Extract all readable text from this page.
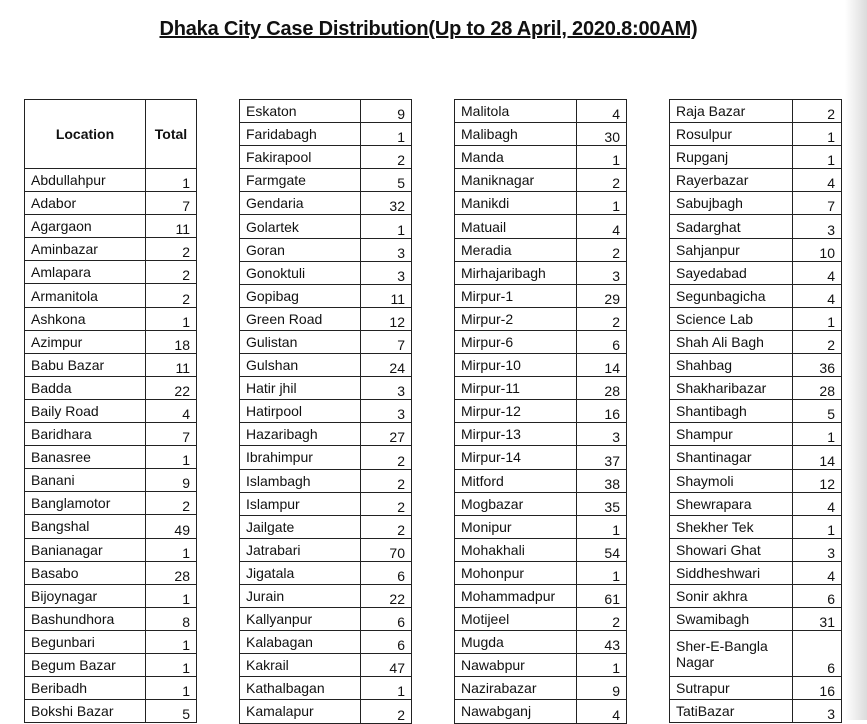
Dhaka City Case Distribution(Up to 28 April, 2020.8:00AM)
Location	Total
Abdullahpur	1
Adabor	7
Agargaon	11
Aminbazar	2
Amlapara	2
Armanitola	2
Ashkona	1
Azimpur	18
Babu Bazar	11
Badda	22
Baily Road	4
Baridhara	7
Banasree	1
Banani	9
Banglamotor	2
Bangshal	49
Banianagar	1
Basabo	28
Bijoynagar	1
Bashundhora	8
Begunbari	1
Begum Bazar	1
Beribadh	1
Bokshi Bazar	5
Eskaton	9
Faridabagh	1
Fakirapool	2
Farmgate	5
Gendaria	32
Golartek	1
Goran	3
Gonoktuli	3
Gopibag	11
Green Road	12
Gulistan	7
Gulshan	24
Hatir jhil	3
Hatirpool	3
Hazaribagh	27
Ibrahimpur	2
Islambagh	2
Islampur	2
Jailgate	2
Jatrabari	70
Jigatala	6
Jurain	22
Kallyanpur	6
Kalabagan	6
Kakrail	47
Kathalbagan	1
Kamalapur	2
Malitola	4
Malibagh	30
Manda	1
Maniknagar	2
Manikdi	1
Matuail	4
Meradia	2
Mirhajaribagh	3
Mirpur-1	29
Mirpur-2	2
Mirpur-6	6
Mirpur-10	14
Mirpur-11	28
Mirpur-12	16
Mirpur-13	3
Mirpur-14	37
Mitford	38
Mogbazar	35
Monipur	1
Mohakhali	54
Mohonpur	1
Mohammadpur	61
Motijeel	2
Mugda	43
Nawabpur	1
Nazirabazar	9
Nawabganj	4
Raja Bazar	2
Rosulpur	1
Rupganj	1
Rayerbazar	4
Sabujbagh	7
Sadarghat	3
Sahjanpur	10
Sayedabad	4
Segunbagicha	4
Science Lab	1
Shah Ali Bagh	2
Shahbag	36
Shakharibazar	28
Shantibagh	5
Shampur	1
Shantinagar	14
Shaymoli	12
Shewrapara	4
Shekher Tek	1
Showari Ghat	3
Siddheshwari	4
Sonir akhra	6
Swamibagh	31
Sher-E-Bangla Nagar	6
Sutrapur	16
TatiBazar	3
